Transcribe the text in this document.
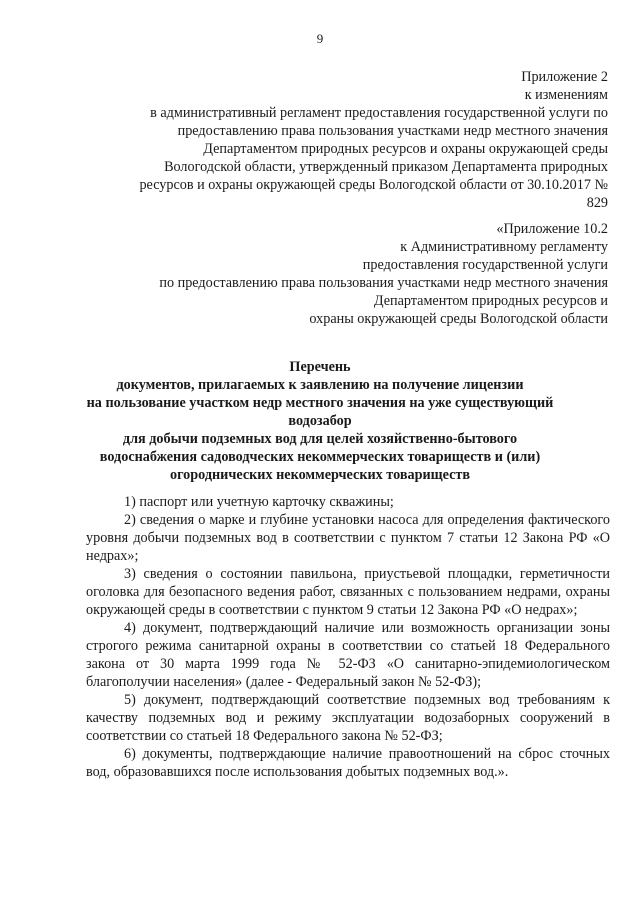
9
Приложение 2
к изменениям
в административный регламент предоставления государственной услуги по
предоставлению права пользования участками недр местного значения
Департаментом природных ресурсов и охраны окружающей среды
Вологодской области, утвержденный приказом Департамента природных
ресурсов и охраны окружающей среды Вологодской области от 30.10.2017 №
829
«Приложение 10.2
к Административному регламенту
предоставления государственной услуги
по предоставлению права пользования участками недр местного значения
Департаментом природных ресурсов и
охраны окружающей среды Вологодской области
Перечень
документов, прилагаемых к заявлению на получение лицензии
на пользование участком недр местного значения на уже существующий
водозабор
для добычи подземных вод для целей хозяйственно-бытового
водоснабжения садоводческих некоммерческих товариществ и (или)
огороднических некоммерческих товариществ

1) паспорт или учетную карточку скважины;

2) сведения о марке и глубине установки насоса для определения фактического уровня добычи подземных вод в соответствии с пунктом 7 статьи 12 Закона РФ «О недрах»;

3) сведения о состоянии павильона, приустьевой площадки, герметичности оголовка для безопасного ведения работ, связанных с пользованием недрами, охраны окружающей среды в соответствии с пунктом 9 статьи 12 Закона РФ «О недрах»;

4) документ, подтверждающий наличие или возможность организации зоны строгого режима санитарной охраны в соответствии со статьей 18 Федерального закона от 30 марта 1999 года № 52-ФЗ «О санитарно-эпидемиологическом благополучии населения» (далее - Федеральный закон № 52-ФЗ);

5) документ, подтверждающий соответствие подземных вод требованиям к качеству подземных вод и режиму эксплуатации водозаборных сооружений в соответствии со статьей 18 Федерального закона № 52-ФЗ;

6) документы, подтверждающие наличие правоотношений на сброс сточных вод, образовавшихся после использования добытых подземных вод.».
